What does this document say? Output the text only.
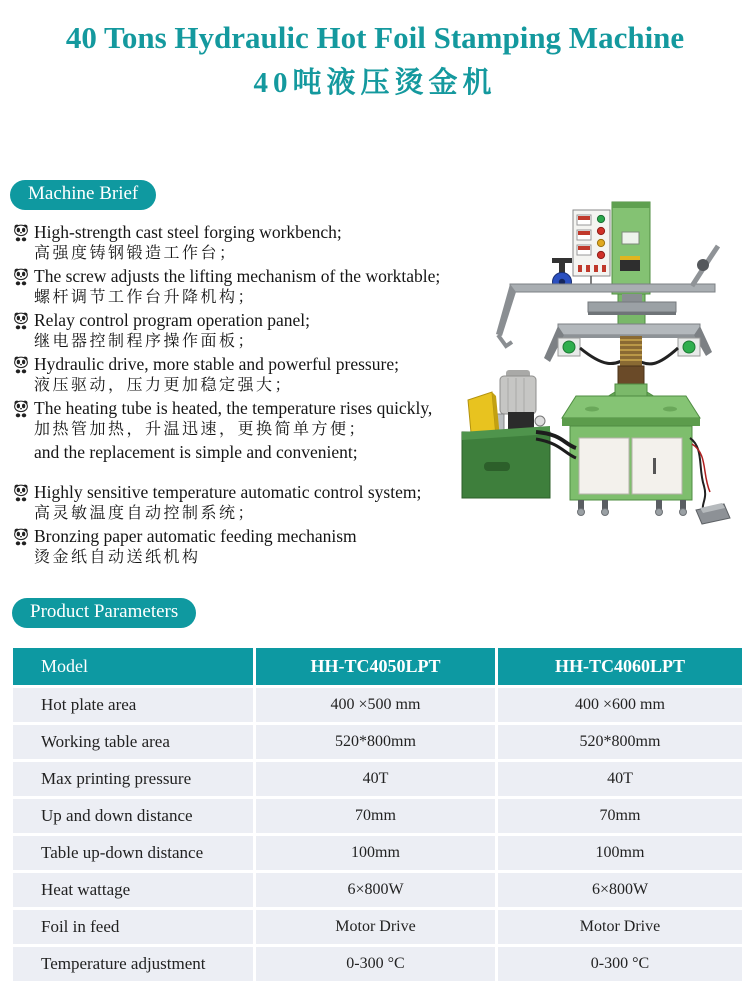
40 Tons Hydraulic Hot Foil Stamping Machine
40吨液压烫金机
Machine Brief
High-strength cast steel forging workbench;
高强度铸钢锻造工作台；
The screw adjusts the lifting mechanism of the worktable;
螺杆调节工作台升降机构；
Relay control program operation panel;
继电器控制程序操作面板；
Hydraulic drive, more stable and powerful pressure;
液压驱动，压力更加稳定强大；
The heating tube is heated, the temperature rises quickly,
加热管加热，升温迅速，更换简单方便；
and the replacement is simple and convenient;
Highly sensitive temperature automatic control system;
高灵敏温度自动控制系统；
Bronzing paper automatic feeding mechanism
烫金纸自动送纸机构
Product Parameters
Model	HH-TC4050LPT	HH-TC4060LPT
Hot plate area	400 ×500 mm	400 ×600 mm
Working table area	520*800mm	520*800mm
Max printing pressure	40T	40T
Up and down distance	70mm	70mm
Table up-down distance	100mm	100mm
Heat wattage	6×800W	6×800W
Foil in feed	Motor Drive	Motor Drive
Temperature adjustment	0-300 °C	0-300 °C
